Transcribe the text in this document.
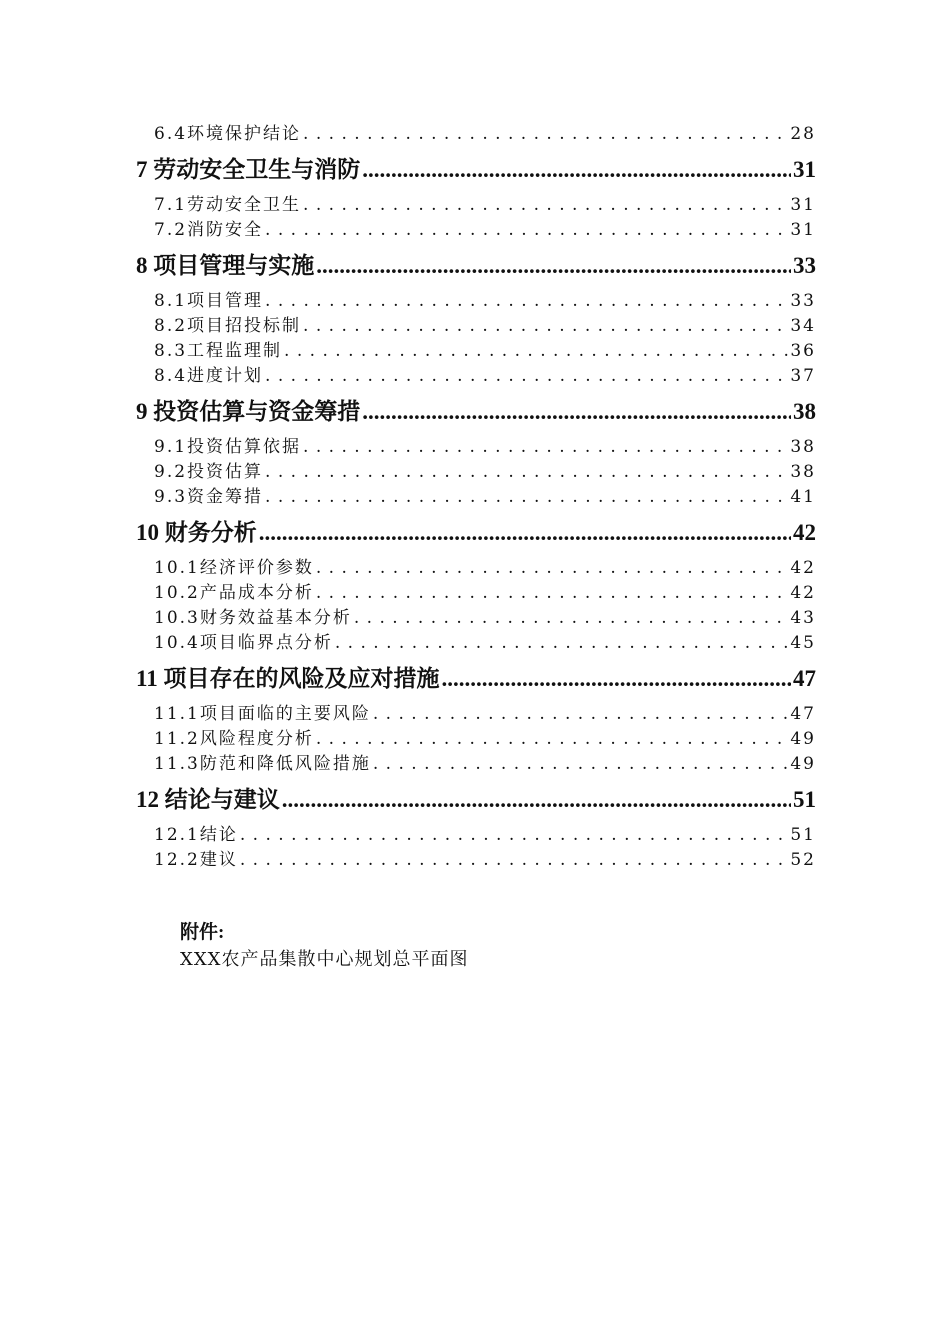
6.4环境保护结论 . . .	28
7 劳动安全卫生与消防 .....	31
7.1劳动安全卫生 . . .	31
7.2消防安全 . . .	31
8 项目管理与实施 .....	33
8.1项目管理 . . .	33
8.2项目招投标制 . . .	34
8.3工程监理制 . . .	36
8.4进度计划 . . .	37
9 投资估算与资金筹措 .....	38
9.1投资估算依据 . . .	38
9.2投资估算 . . .	38
9.3资金筹措 . . .	41
10 财务分析 .....	42
10.1经济评价参数 . . .	42
10.2产品成本分析 . . .	42
10.3财务效益基本分析 . . .	43
10.4项目临界点分析 . . .	45
11 项目存在的风险及应对措施 .....	47
11.1项目面临的主要风险 . . .	47
11.2风险程度分析 . . .	49
11.3防范和降低风险措施 . . .	49
12 结论与建议 .....	51
12.1结论 . . .	51
12.2建议 . . .	52
附件:
XXX农产品集散中心规划总平面图
